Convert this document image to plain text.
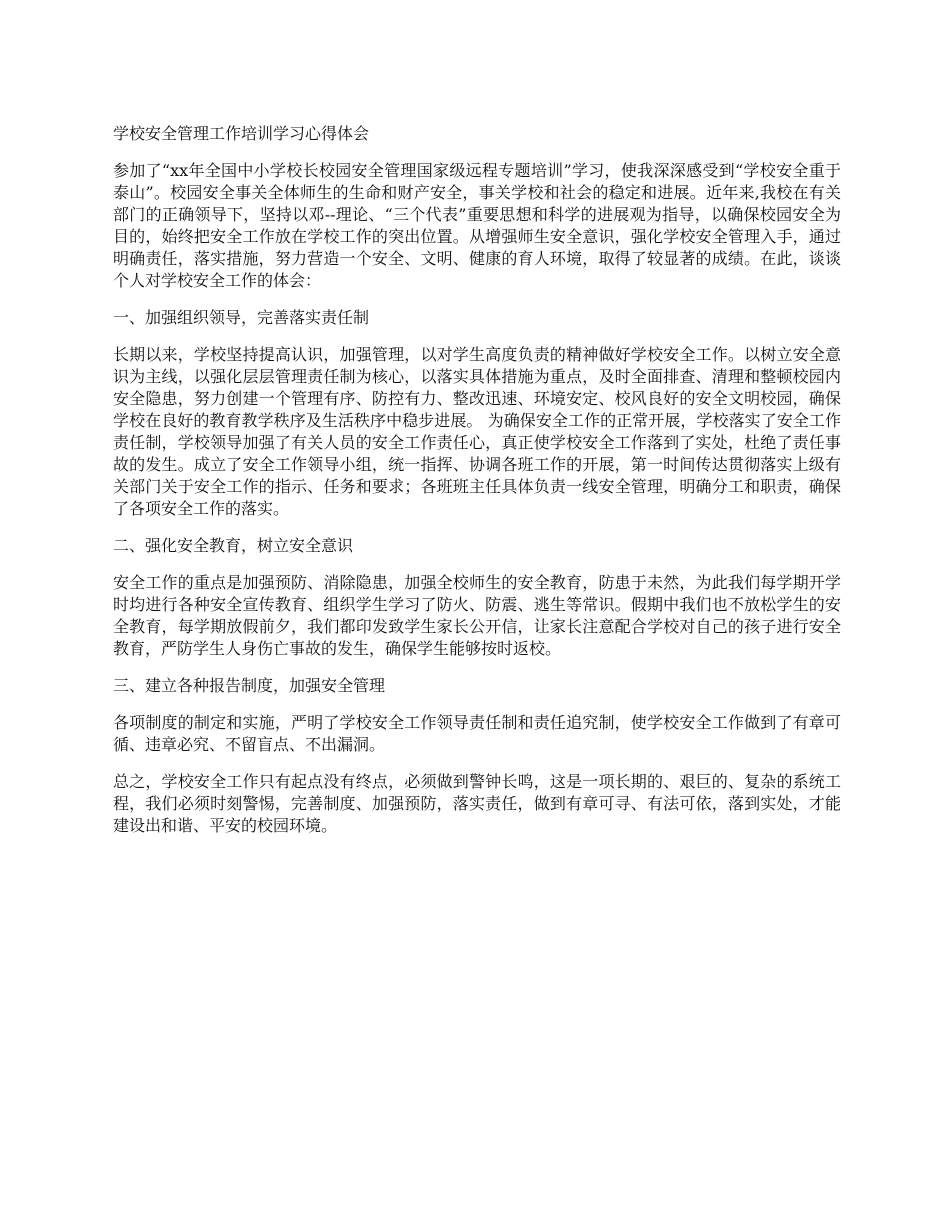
学校安全管理工作培训学习心得体会

参加了“xx年全国中小学校长校园安全管理国家级远程专题培训”学习，使我深深感受到“学校安全重于泰山”。校园安全事关全体师生的生命和财产安全，事关学校和社会的稳定和进展。近年来,我校在有关部门的正确领导下，坚持以邓--理论、“三个代表”重要思想和科学的进展观为指导，以确保校园安全为目的，始终把安全工作放在学校工作的突出位置。从增强师生安全意识，强化学校安全管理入手，通过明确责任，落实措施，努力营造一个安全、文明、健康的育人环境，取得了较显著的成绩。在此，谈谈个人对学校安全工作的体会：

一、加强组织领导，完善落实责任制

长期以来，学校坚持提高认识，加强管理，以对学生高度负责的精神做好学校安全工作。以树立安全意识为主线，以强化层层管理责任制为核心，以落实具体措施为重点，及时全面排查、清理和整顿校园内安全隐患，努力创建一个管理有序、防控有力、整改迅速、环境安定、校风良好的安全文明校园，确保学校在良好的教育教学秩序及生活秩序中稳步进展。 为确保安全工作的正常开展，学校落实了安全工作责任制，学校领导加强了有关人员的安全工作责任心，真正使学校安全工作落到了实处，杜绝了责任事故的发生。成立了安全工作领导小组，统一指挥、协调各班工作的开展，第一时间传达贯彻落实上级有关部门关于安全工作的指示、任务和要求；各班班主任具体负责一线安全管理，明确分工和职责，确保了各项安全工作的落实。

二、强化安全教育，树立安全意识

安全工作的重点是加强预防、消除隐患，加强全校师生的安全教育，防患于未然，为此我们每学期开学时均进行各种安全宣传教育、组织学生学习了防火、防震、逃生等常识。假期中我们也不放松学生的安全教育，每学期放假前夕，我们都印发致学生家长公开信，让家长注意配合学校对自己的孩子进行安全教育，严防学生人身伤亡事故的发生，确保学生能够按时返校。

三、建立各种报告制度，加强安全管理

各项制度的制定和实施，严明了学校安全工作领导责任制和责任追究制，使学校安全工作做到了有章可循、违章必究、不留盲点、不出漏洞。

总之，学校安全工作只有起点没有终点，必须做到警钟长鸣，这是一项长期的、艰巨的、复杂的系统工程，我们必须时刻警惕，完善制度、加强预防，落实责任，做到有章可寻、有法可依，落到实处，才能建设出和谐、平安的校园环境。
